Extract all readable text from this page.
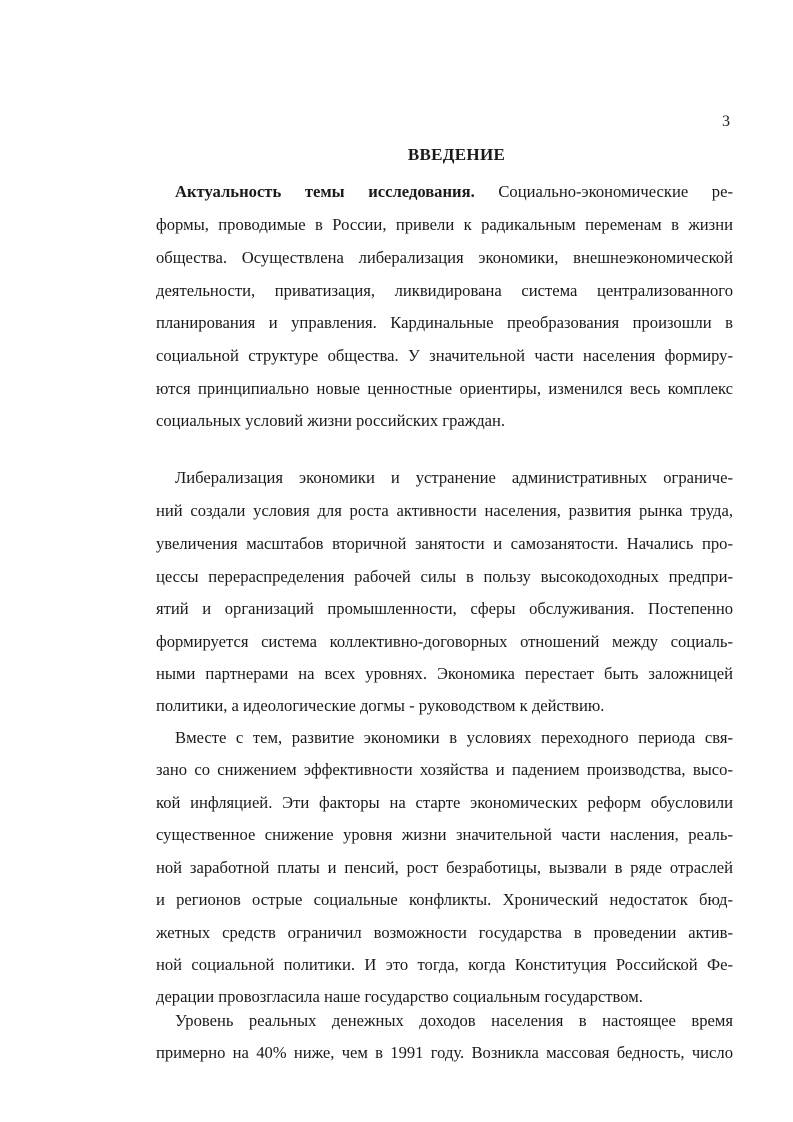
3
ВВЕДЕНИЕ
Актуальность темы исследования. Социально-экономические ре-
формы, проводимые в России, привели к радикальным переменам в жизни
общества. Осуществлена либерализация экономики, внешнеэкономической
деятельности, приватизация, ликвидирована система централизованного
планирования и управления. Кардинальные преобразования произошли в
социальной структуре общества. У значительной части населения формиру-
ются принципиально новые ценностные ориентиры, изменился весь комплекс
социальных условий жизни российских граждан.
Либерализация экономики и устранение административных ограниче-
ний создали условия для роста активности населения, развития рынка труда,
увеличения масштабов вторичной занятости и самозанятости. Начались про-
цессы перераспределения рабочей силы в пользу высокодоходных предпри-
ятий и организаций промышленности, сферы обслуживания. Постепенно
формируется система коллективно-договорных отношений между социаль-
ными партнерами на всех уровнях. Экономика перестает быть заложницей
политики, а идеологические догмы - руководством к действию.
Вместе с тем, развитие экономики в условиях переходного периода свя-
зано со снижением эффективности хозяйства и падением производства, высо-
кой инфляцией. Эти факторы на старте экономических реформ обусловили
существенное снижение уровня жизни значительной части насления, реаль-
ной заработной платы и пенсий, рост безработицы, вызвали в ряде отраслей
и регионов острые социальные конфликты. Хронический недостаток бюд-
жетных средств ограничил возможности государства в проведении актив-
ной социальной политики. И это тогда, когда Конституция Российской Фе-
дерации провозгласила наше государство социальным государством.
Уровень реальных денежных доходов населения в настоящее время
примерно на 40% ниже, чем в 1991 году. Возникла массовая бедность, число
